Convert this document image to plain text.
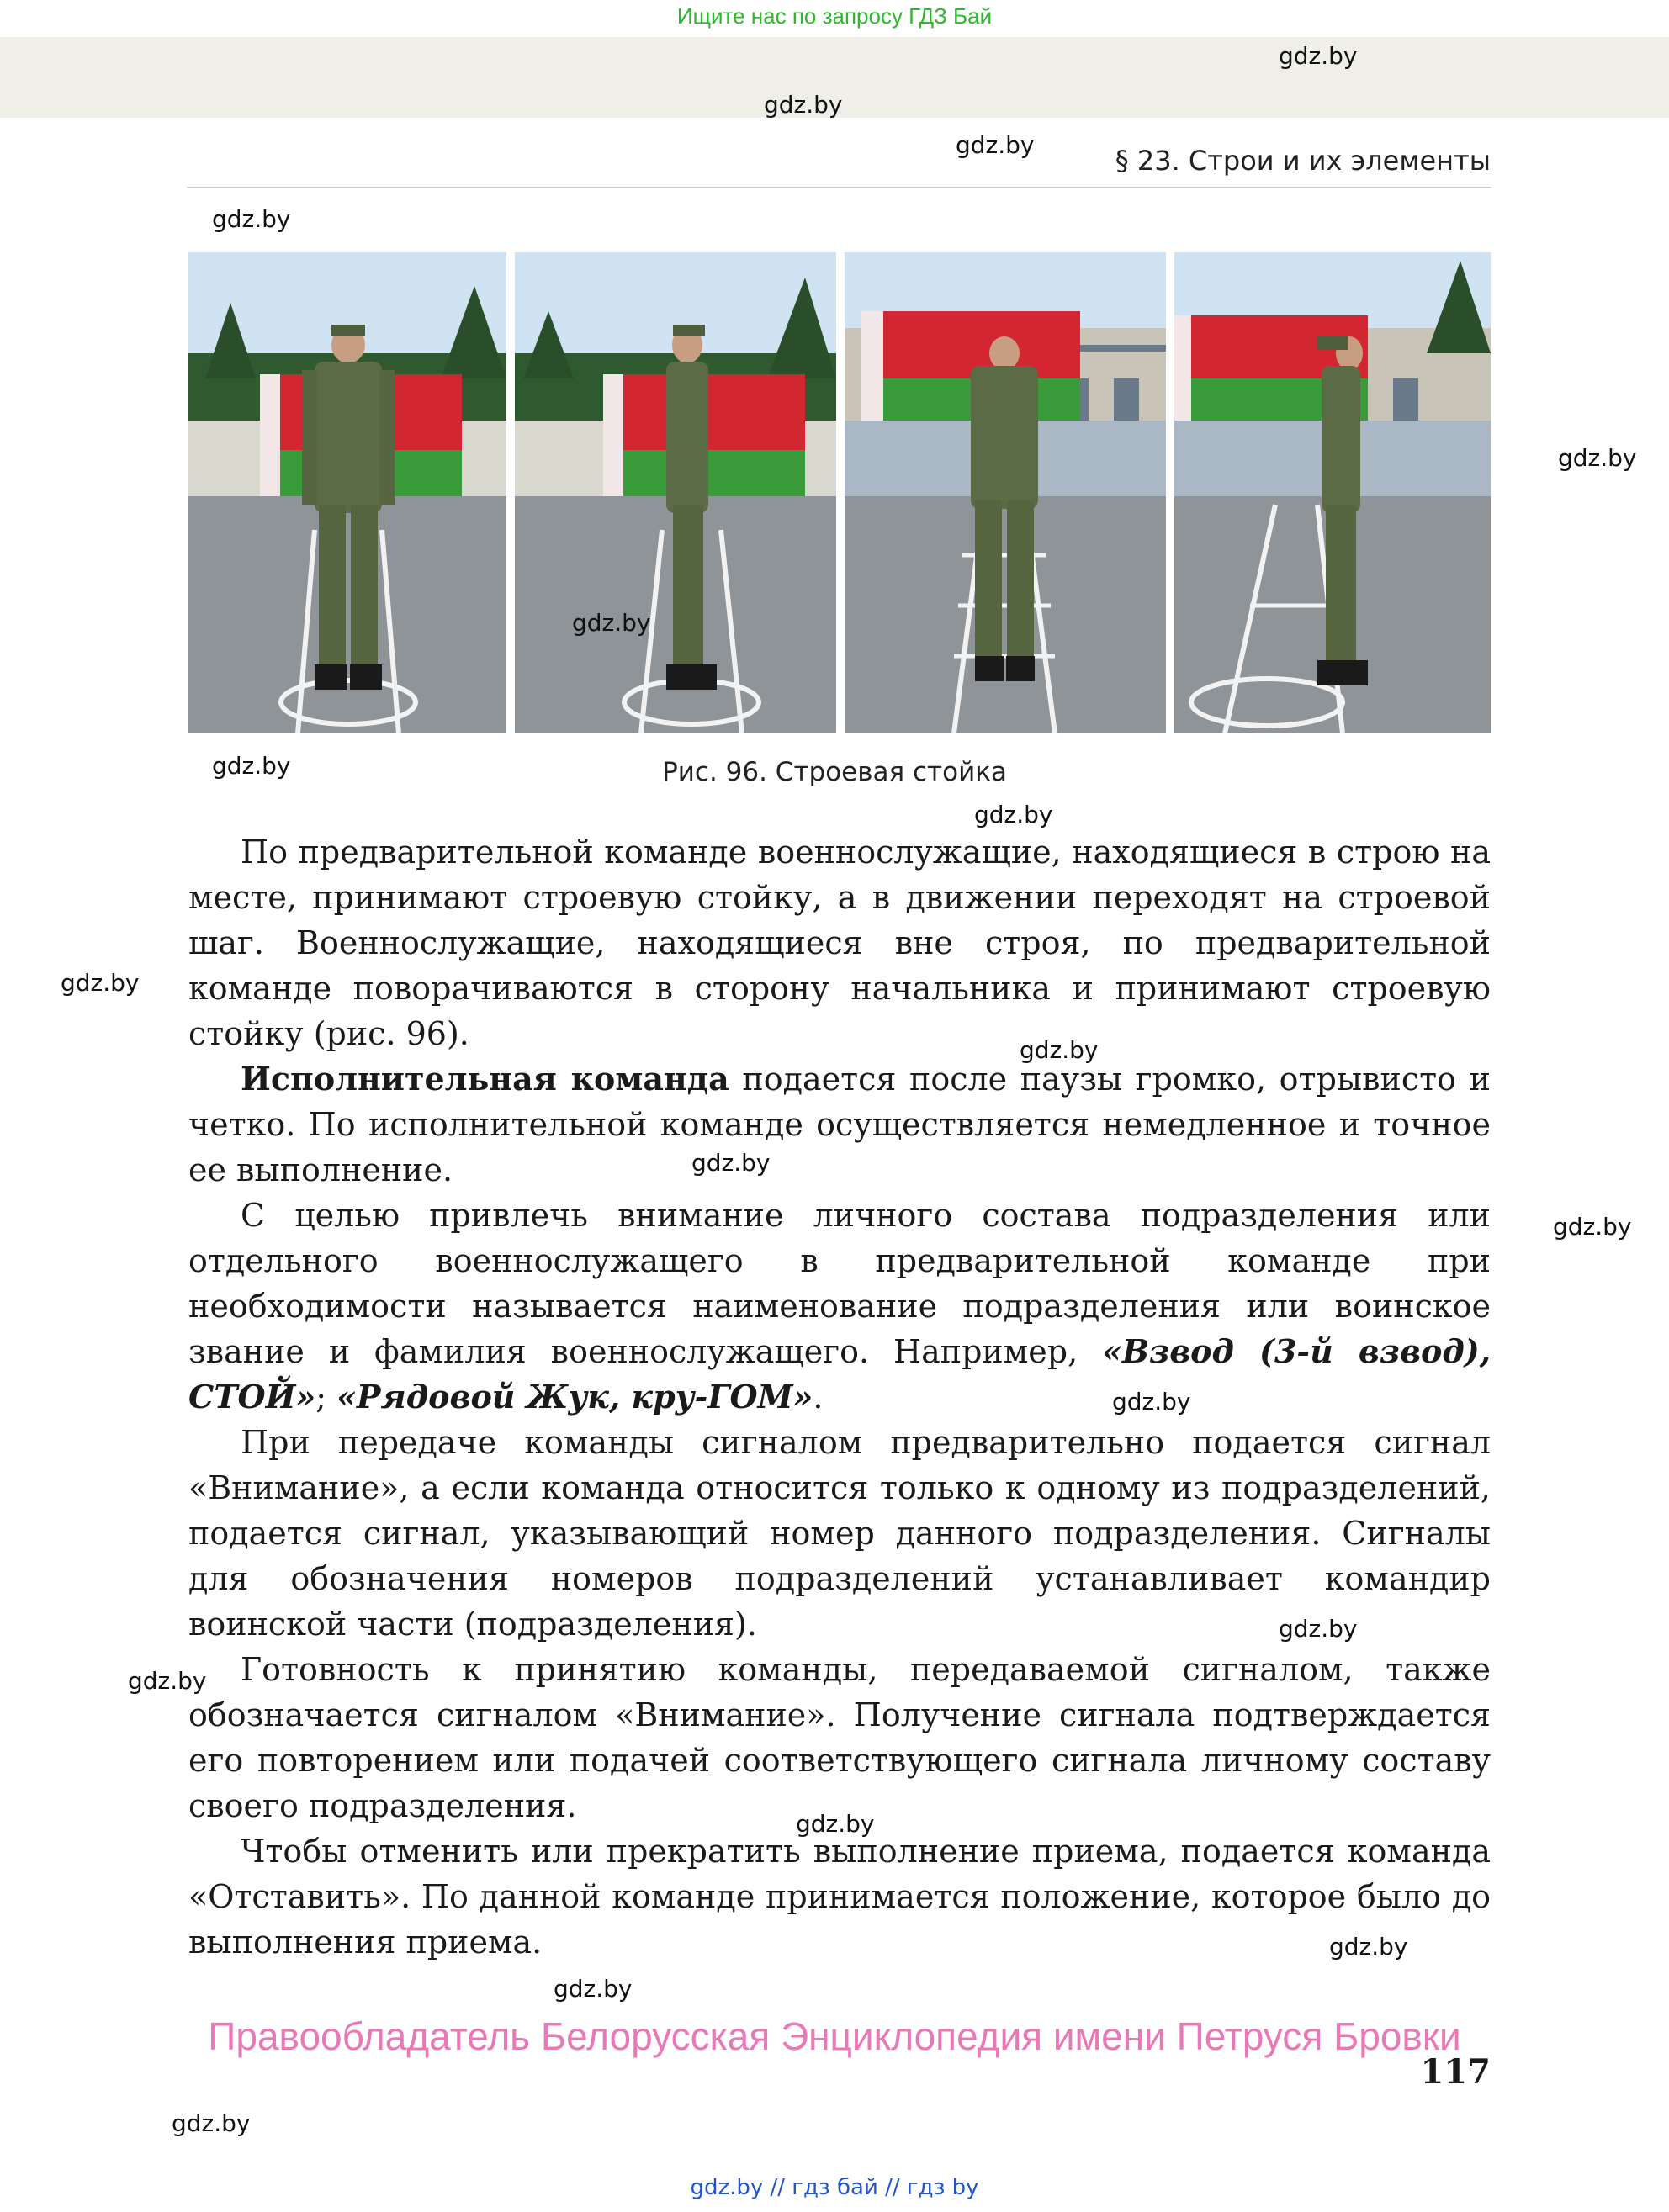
Ищите нас по запросу ГДЗ Бай
gdz.by
gdz.by
gdz.by	§ 23. Строи и их элементы
gdz.by
gdz.by
gdz.by
gdz.by	Рис. 96. Строевая стойка
gdz.by
gdz.by
gdz.by
gdz.by
gdz.by
gdz.by
gdz.by
gdz.by
gdz.by
gdz.by
gdz.by

По предварительной команде военнослужащие, находящиеся в строю на месте, принимают строевую стойку, а в движении переходят на строевой шаг. Военнослужащие, находящиеся вне строя, по предварительной команде поворачиваются в сторону начальника и принимают строевую стойку (рис. 96).

Исполнительная команда подается после паузы громко, отрывисто и четко. По исполнительной команде осуществляется немедленное и точное ее выполнение.

С целью привлечь внимание личного состава подразделения или отдельного военнослужащего в предварительной команде при необходимости называется наименование подразделения или воинское звание и фамилия военнослужащего. Например, «Взвод (3-й взвод), СТОЙ»; «Рядовой Жук, кру-ГОМ».

При передаче команды сигналом предварительно подается сигнал «Внимание», а если команда относится только к одному из подразделений, подается сигнал, указывающий номер данного подразделения. Сигналы для обозначения номеров подразделений устанавливает командир воинской части (подразделения).

Готовность к принятию команды, передаваемой сигналом, также обозначается сигналом «Внимание». Получение сигнала подтверждается его повторением или подачей соответствующего сигнала личному составу своего подразделения.

Чтобы отменить или прекратить выполнение приема, подается команда «Отставить». По данной команде принимается положение, которое было до выполнения приема.

Правообладатель Белорусская Энциклопедия имени Петруся Бровки
117
gdz.by
gdz.by // гдз бай // гдз by
